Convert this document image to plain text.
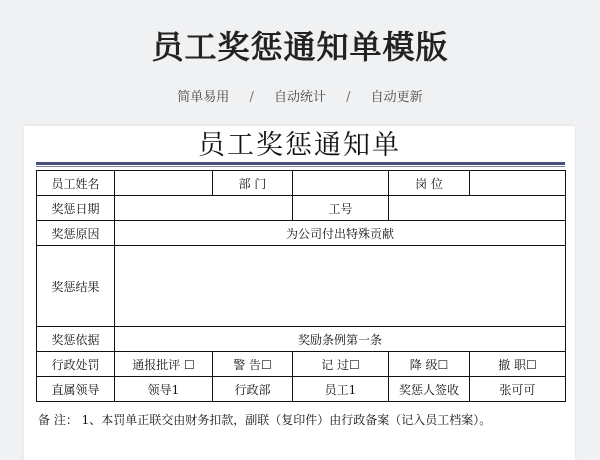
员工奖惩通知单模版
简单易用 / 自动统计 / 自动更新
员工奖惩通知单
员工姓名		部 门		岗 位	
奖惩日期			工号		
奖惩原因	为公司付出特殊贡献				
奖惩结果					
奖惩依据	奖励条例第一条				
行政处罚	通报批评 ☐	警 告☐	记 过☐	降 级☐	撤 职☐
直属领导	领导1	行政部	员工1	奖惩人签收	张可可
备 注： 1、本罚单正联交由财务扣款，副联（复印件）由行政备案（记入员工档案）。
